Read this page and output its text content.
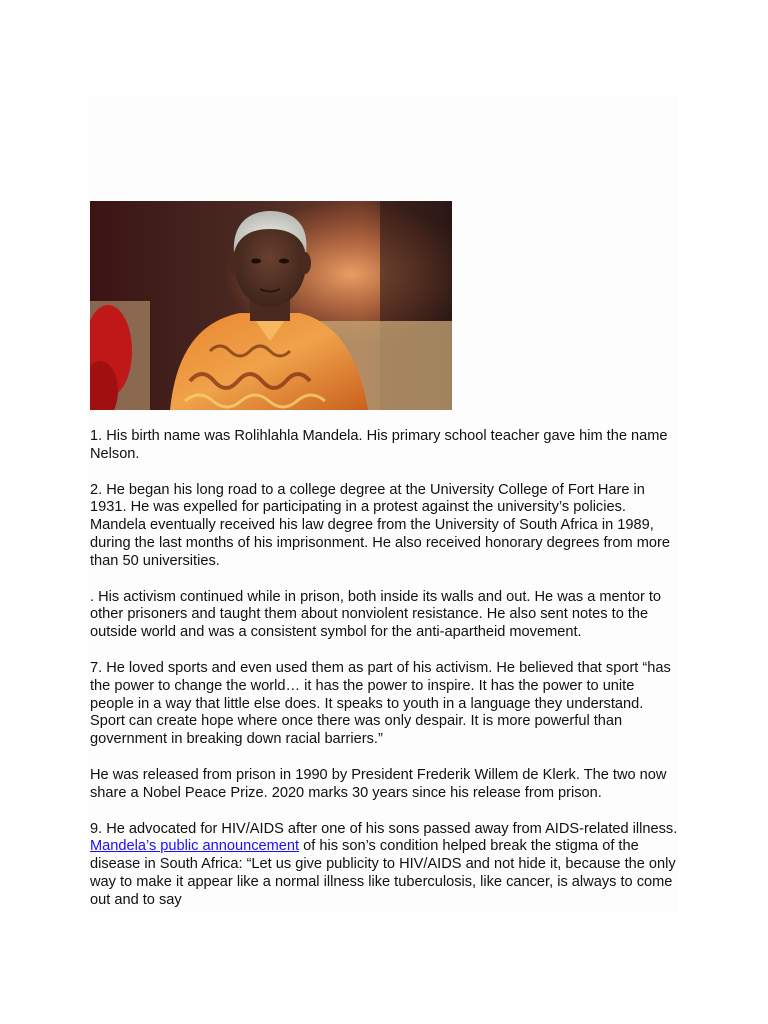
1. His birth name was Rolihlahla Mandela. His primary school teacher gave him the name Nelson.

2. He began his long road to a college degree at the University College of Fort Hare in 1931. He was expelled for participating in a protest against the university’s policies. Mandela eventually received his law degree from the University of South Africa in 1989, during the last months of his imprisonment. He also received honorary degrees from more than 50 universities.

. His activism continued while in prison, both inside its walls and out. He was a mentor to other prisoners and taught them about nonviolent resistance. He also sent notes to the outside world and was a consistent symbol for the anti-apartheid movement.

7. He loved sports and even used them as part of his activism. He believed that sport “has the power to change the world… it has the power to inspire. It has the power to unite people in a way that little else does. It speaks to youth in a language they understand. Sport can create hope where once there was only despair. It is more powerful than government in breaking down racial barriers.”

He was released from prison in 1990 by President Frederik Willem de Klerk. The two now share a Nobel Peace Prize. 2020 marks 30 years since his release from prison.

9. He advocated for HIV/AIDS after one of his sons passed away from AIDS-related illness. Mandela’s public announcement of his son’s condition helped break the stigma of the disease in South Africa: “Let us give publicity to HIV/AIDS and not hide it, because the only way to make it appear like a normal illness like tuberculosis, like cancer, is always to come out and to say
